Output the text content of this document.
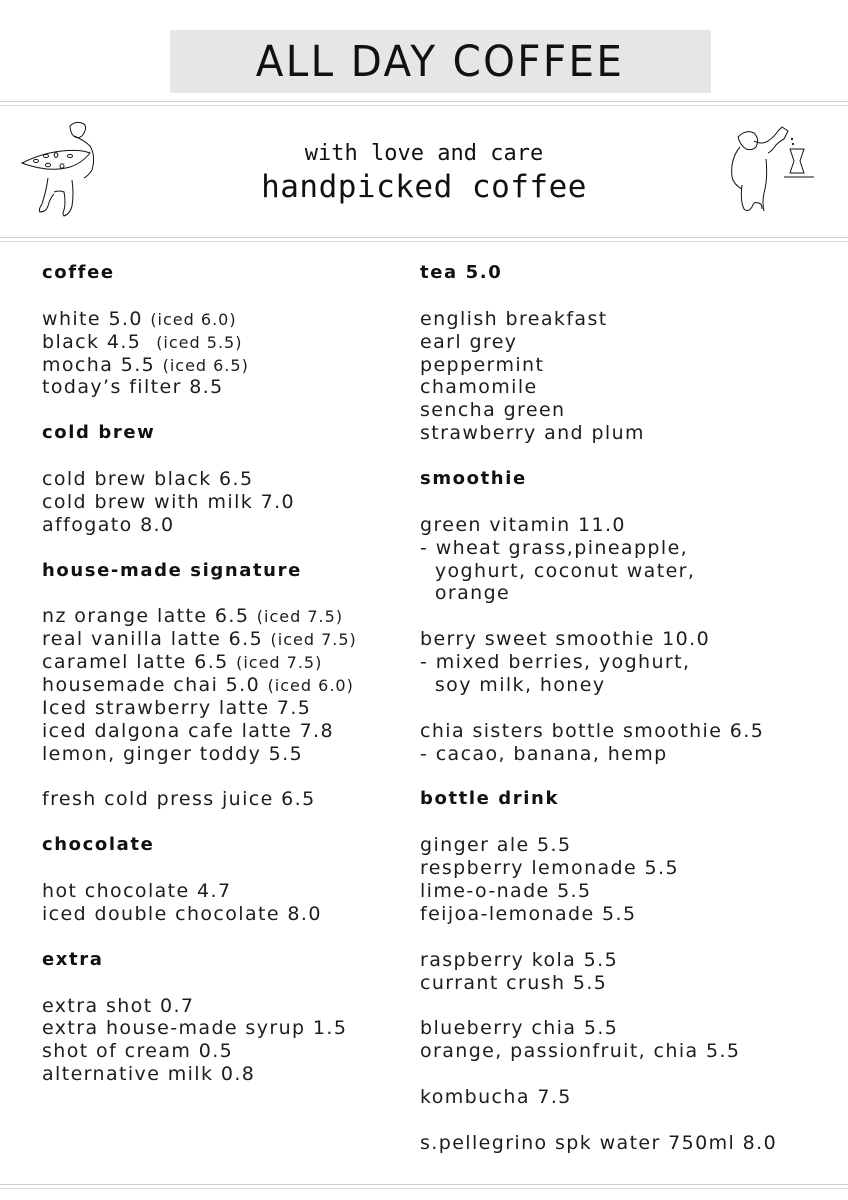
ALL DAY COFFEE
with love and care
handpicked coffee
coffee
white 5.0 (iced 6.0)
black 4.5  (iced 5.5)
mocha 5.5 (iced 6.5)
today’s filter 8.5
cold brew
cold brew black 6.5
cold brew with milk 7.0
affogato 8.0
house-made signature
nz orange latte 6.5 (iced 7.5)
real vanilla latte 6.5 (iced 7.5)
caramel latte 6.5 (iced 7.5)
housemade chai 5.0 (iced 6.0)
Iced strawberry latte 7.5
iced dalgona cafe latte 7.8
lemon, ginger toddy 5.5
fresh cold press juice 6.5
chocolate
hot chocolate 4.7
iced double chocolate 8.0
extra
extra shot 0.7
extra house-made syrup 1.5
shot of cream 0.5
alternative milk 0.8
tea 5.0
english breakfast
earl grey
peppermint
chamomile
sencha green
strawberry and plum
smoothie
green vitamin 11.0
- wheat grass,pineapple,
yoghurt, coconut water,
orange
berry sweet smoothie 10.0
- mixed berries, yoghurt,
soy milk, honey
chia sisters bottle smoothie 6.5
- cacao, banana, hemp
bottle drink
ginger ale 5.5
respberry lemonade 5.5
lime-o-nade 5.5
feijoa-lemonade 5.5
raspberry kola 5.5
currant crush 5.5
blueberry chia 5.5
orange, passionfruit, chia 5.5
kombucha 7.5
s.pellegrino spk water 750ml 8.0
